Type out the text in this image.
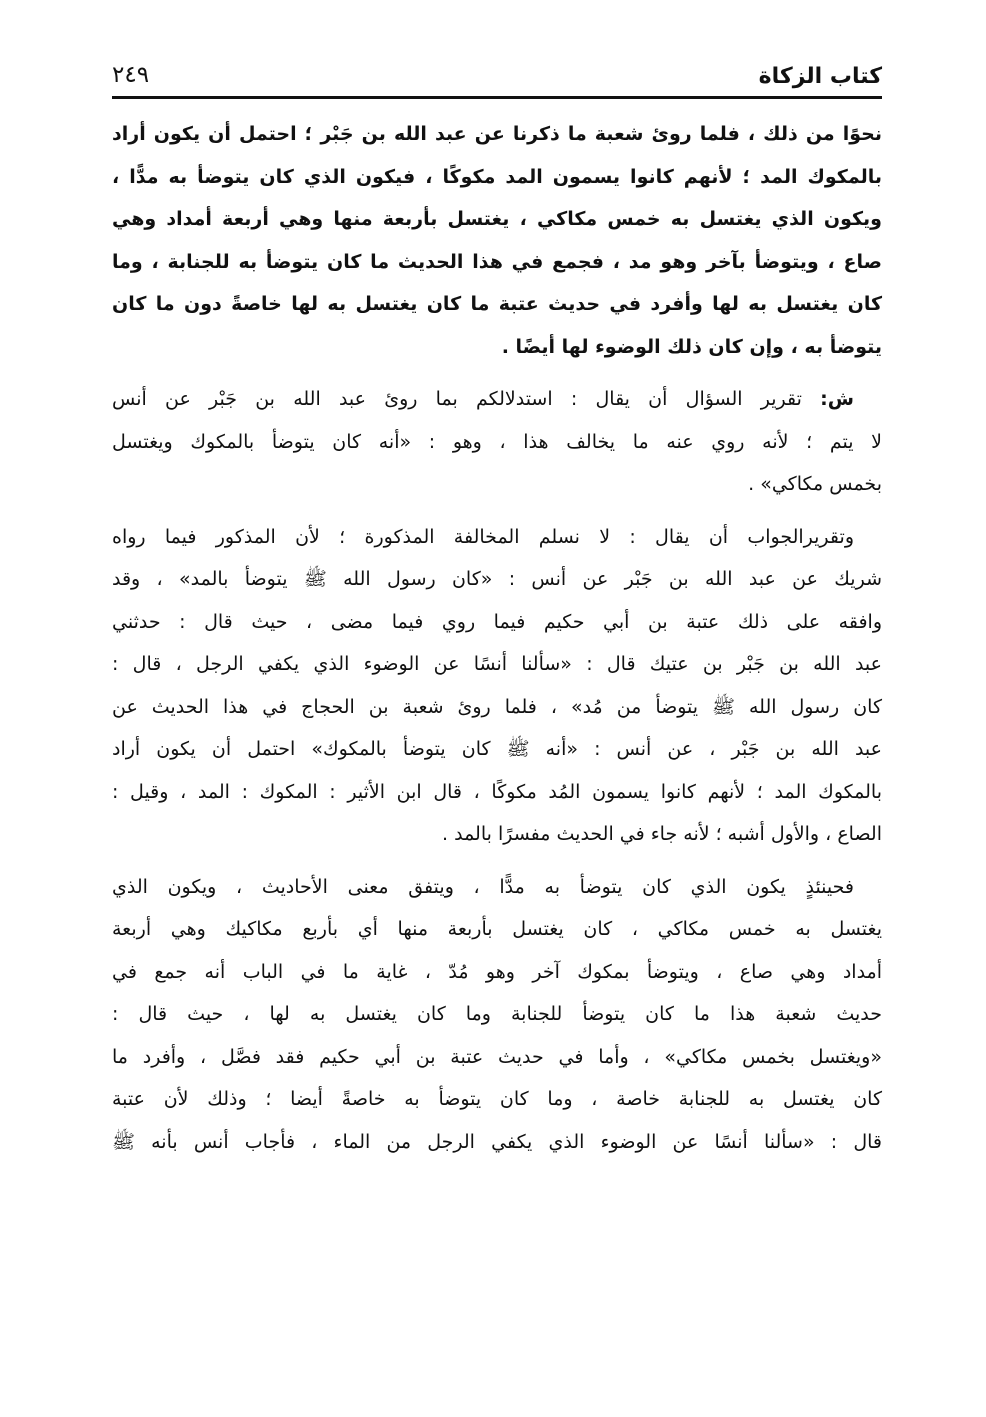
كتاب الزكاة
٢٤٩
نحوًا من ذلك ، فلما روئ شعبة ما ذكرنا عن عبد الله بن جَبْر ؛ احتمل أن يكون أراد
بالمكوك المد ؛ لأنهم كانوا يسمون المد مكوكًا ، فيكون الذي كان يتوضأ به مدًّا ،
ويكون الذي يغتسل به خمس مكاكي ، يغتسل بأربعة منها وهي أربعة أمداد وهي
صاع ، ويتوضأ بآخر وهو مد ، فجمع في هذا الحديث ما كان يتوضأ به للجنابة ، وما
كان يغتسل به لها وأفرد في حديث عتبة ما كان يغتسل به لها خاصةً دون ما كان
يتوضأ به ، وإن كان ذلك الوضوء لها أيضًا .
ش: تقرير السؤال أن يقال : استدلالكم بما روئ عبد الله بن جَبْر عن أنس
لا يتم ؛ لأنه روي عنه ما يخالف هذا ، وهو : «أنه كان يتوضأ بالمكوك ويغتسل
بخمس مكاكي» .
وتقريرالجواب أن يقال : لا نسلم المخالفة المذكورة ؛ لأن المذكور فيما رواه
شريك عن عبد الله بن جَبْر عن أنس : «كان رسول الله ﷺ يتوضأ بالمد» ، وقد
وافقه على ذلك عتبة بن أبي حكيم فيما روي فيما مضى ، حيث قال : حدثني
عبد الله بن جَبْر بن عتيك قال : «سألنا أنسًا عن الوضوء الذي يكفي الرجل ، قال :
كان رسول الله ﷺ يتوضأ من مُد» ، فلما روئ شعبة بن الحجاج في هذا الحديث عن
عبد الله بن جَبْر ، عن أنس : «أنه ﷺ كان يتوضأ بالمكوك» احتمل أن يكون أراد
بالمكوك المد ؛ لأنهم كانوا يسمون المُد مكوكًا ، قال ابن الأثير : المكوك : المد ، وقيل :
الصاع ، والأول أشبه ؛ لأنه جاء في الحديث مفسرًا بالمد .
فحينئذٍ يكون الذي كان يتوضأ به مدًّا ، ويتفق معنى الأحاديث ، ويكون الذي
يغتسل به خمس مكاكي ، كان يغتسل بأربعة منها أي بأربع مكاكيك وهي أربعة
أمداد وهي صاع ، ويتوضأ بمكوك آخر وهو مُدّ ، غاية ما في الباب أنه جمع في
حديث شعبة هذا ما كان يتوضأ للجنابة وما كان يغتسل به لها ، حيث قال :
«ويغتسل بخمس مكاكي» ، وأما في حديث عتبة بن أبي حكيم فقد فصَّل ، وأفرد ما
كان يغتسل به للجنابة خاصة ، وما كان يتوضأ به خاصةً أيضا ؛ وذلك لأن عتبة
قال : «سألنا أنسًا عن الوضوء الذي يكفي الرجل من الماء ، فأجاب أنس بأنه ﷺ
